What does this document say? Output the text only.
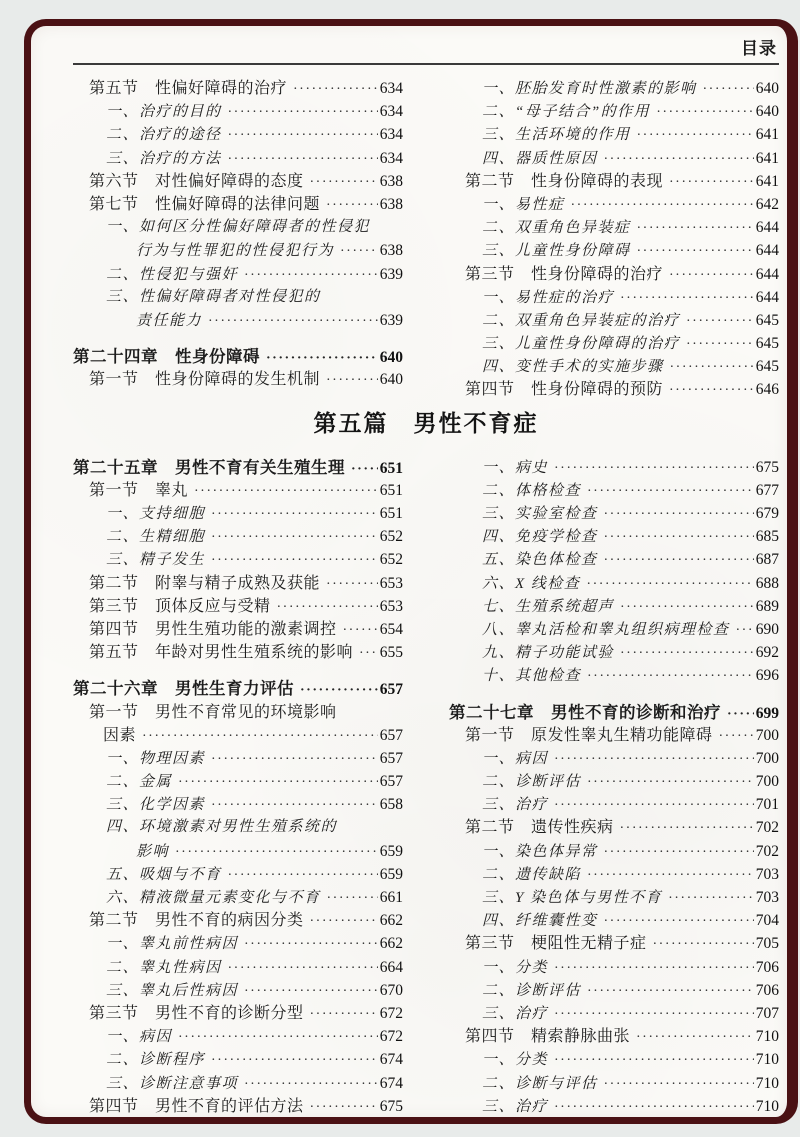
目录
第五节　性偏好障碍的治疗 ·····	634
一、治疗的目的 ·····	634
二、治疗的途径 ·····	634
三、治疗的方法 ·····	634
第六节　对性偏好障碍的态度 ·····	638
第七节　性偏好障碍的法律问题 ·····	638
一、如何区分性偏好障碍者的性侵犯
行为与性罪犯的性侵犯行为 ·····	638
二、性侵犯与强奸 ·····	639
三、性偏好障碍者对性侵犯的
责任能力 ·····	639
第二十四章　性身份障碍 ·····	640
第一节　性身份障碍的发生机制 ·····	640
一、胚胎发育时性激素的影响 ·····	640
二、“母子结合”的作用 ·····	640
三、生活环境的作用 ·····	641
四、器质性原因 ·····	641
第二节　性身份障碍的表现 ·····	641
一、易性症 ·····	642
二、双重角色异装症 ·····	644
三、儿童性身份障碍 ·····	644
第三节　性身份障碍的治疗 ·····	644
一、易性症的治疗 ·····	644
二、双重角色异装症的治疗 ·····	645
三、儿童性身份障碍的治疗 ·····	645
四、变性手术的实施步骤 ·····	645
第四节　性身份障碍的预防 ·····	646
第五篇　男性不育症
第二十五章　男性不育有关生殖生理 ····· 651
第一节　睾丸 ·····	651
一、支持细胞 ·····	651
二、生精细胞 ·····	652
三、精子发生 ·····	652
第二节　附睾与精子成熟及获能 ·····	653
第三节　顶体反应与受精 ·····	653
第四节　男性生殖功能的激素调控 ·····	654
第五节　年龄对男性生殖系统的影响 ····· 655
第二十六章　男性生育力评估 ·····	657
第一节　男性不育常见的环境影响
因素 ·····	657
一、物理因素 ·····	657
二、金属 ·····	657
三、化学因素 ·····	658
四、环境激素对男性生殖系统的
影响 ·····	659
五、吸烟与不育 ·····	659
六、精液微量元素变化与不育 ·····	661
第二节　男性不育的病因分类 ·····	662
一、睾丸前性病因 ·····	662
二、睾丸性病因 ·····	664
三、睾丸后性病因 ·····	670
第三节　男性不育的诊断分型 ·····	672
一、病因 ·····	672
二、诊断程序 ·····	674
三、诊断注意事项 ·····	674
第四节　男性不育的评估方法 ·····	675
一、病史 ·····	675
二、体格检查 ·····	677
三、实验室检查 ·····	679
四、免疫学检查 ·····	685
五、染色体检查 ·····	687
六、X 线检查 ·····	688
七、生殖系统超声 ·····	689
八、睾丸活检和睾丸组织病理检查 ····· 690
九、精子功能试验 ·····	692
十、其他检查 ·····	696
第二十七章　男性不育的诊断和治疗 ····· 699
第一节　原发性睾丸生精功能障碍 ·····	700
一、病因 ·····	700
二、诊断评估 ·····	700
三、治疗 ·····	701
第二节　遗传性疾病 ·····	702
一、染色体异常 ·····	702
二、遗传缺陷 ·····	703
三、Y 染色体与男性不育 ·····	703
四、纤维囊性变 ·····	704
第三节　梗阻性无精子症 ·····	705
一、分类 ·····	706
二、诊断评估 ·····	706
三、治疗 ·····	707
第四节　精索静脉曲张 ·····	710
一、分类 ·····	710
二、诊断与评估 ·····	710
三、治疗 ·····	710
